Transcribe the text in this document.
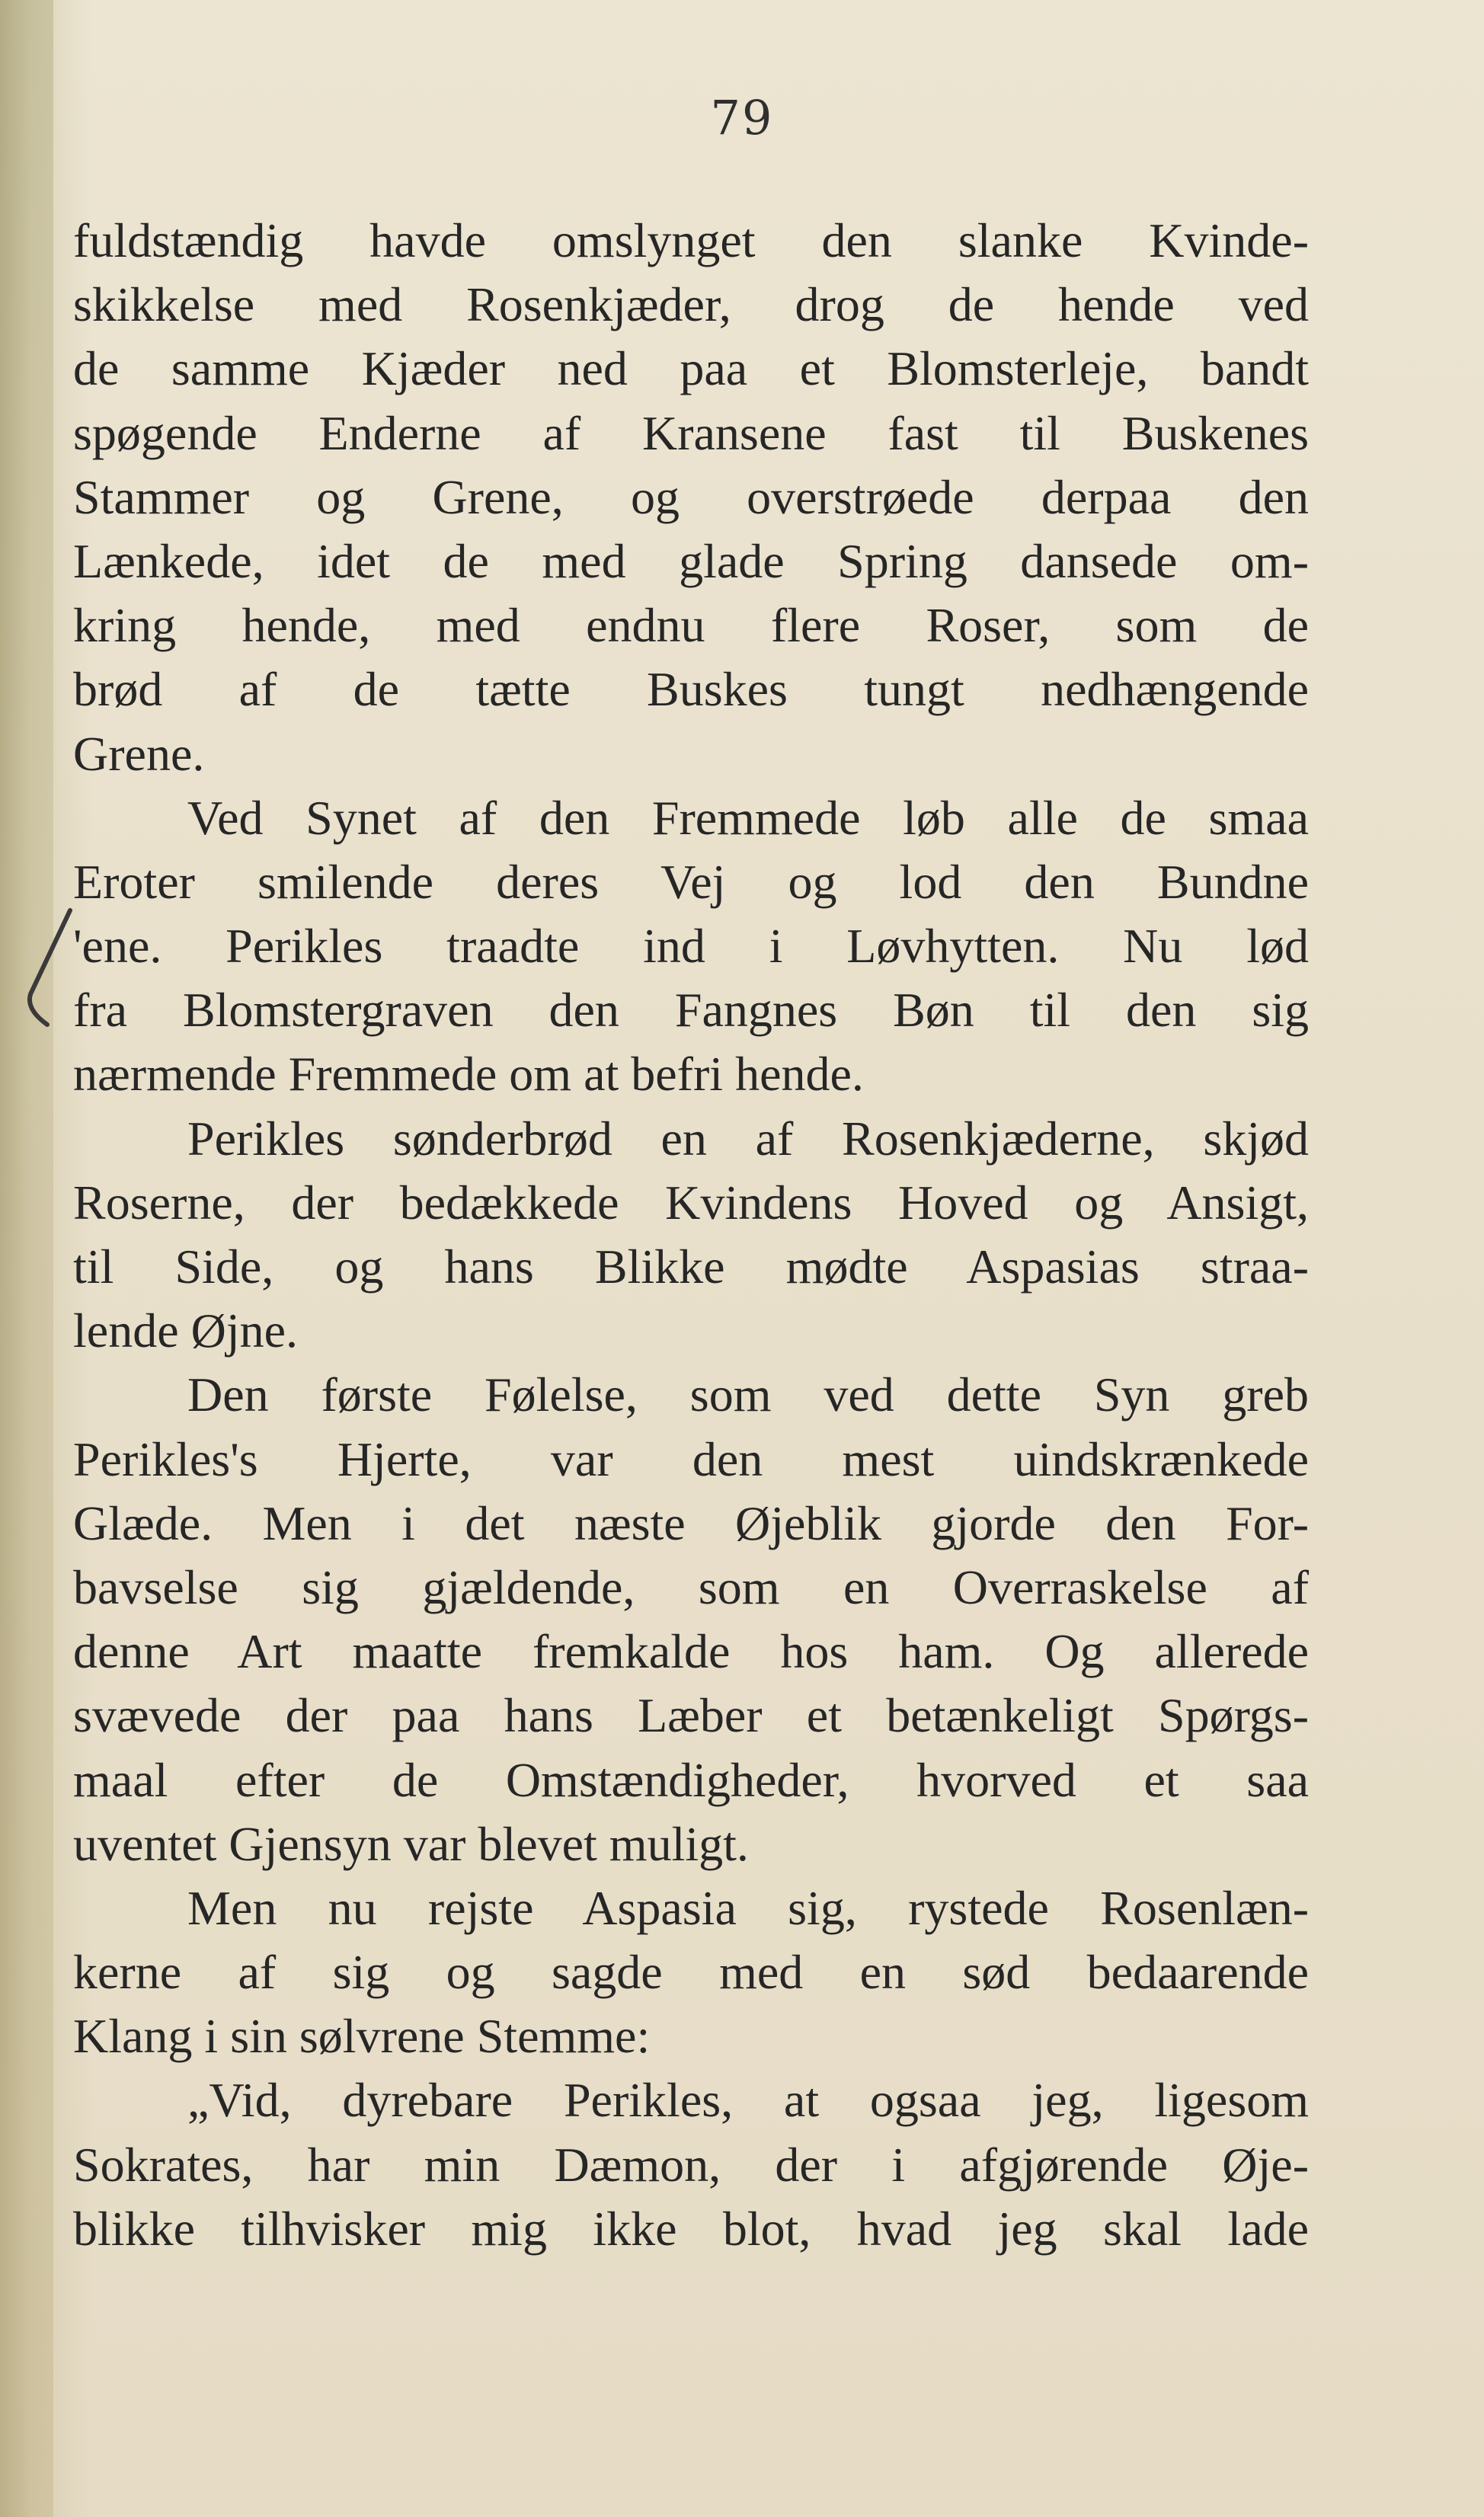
79
fuldstændig havde omslynget den slanke Kvinde-
skikkelse med Rosenkjæder, drog de hende ved
de samme Kjæder ned paa et Blomsterleje, bandt
spøgende Enderne af Kransene fast til Buskenes
Stammer og Grene, og overstrøede derpaa den
Lænkede, idet de med glade Spring dansede om-
kring hende, med endnu flere Roser, som de
brød af de tætte Buskes tungt nedhængende
Grene.
Ved Synet af den Fremmede løb alle de smaa
Eroter smilende deres Vej og lod den Bundne
'ene. Perikles traadte ind i Løvhytten. Nu lød
fra Blomstergraven den Fangnes Bøn til den sig
nærmende Fremmede om at befri hende.
Perikles sønderbrød en af Rosenkjæderne, skjød
Roserne, der bedækkede Kvindens Hoved og Ansigt,
til Side, og hans Blikke mødte Aspasias straa-
lende Øjne.
Den første Følelse, som ved dette Syn greb
Perikles's Hjerte, var den mest uindskrænkede
Glæde. Men i det næste Øjeblik gjorde den For-
bavselse sig gjældende, som en Overraskelse af
denne Art maatte fremkalde hos ham. Og allerede
svævede der paa hans Læber et betænkeligt Spørgs-
maal efter de Omstændigheder, hvorved et saa
uventet Gjensyn var blevet muligt.
Men nu rejste Aspasia sig, rystede Rosenlæn-
kerne af sig og sagde med en sød bedaarende
Klang i sin sølvrene Stemme:
„Vid, dyrebare Perikles, at ogsaa jeg, ligesom
Sokrates, har min Dæmon, der i afgjørende Øje-
blikke tilhvisker mig ikke blot, hvad jeg skal lade
